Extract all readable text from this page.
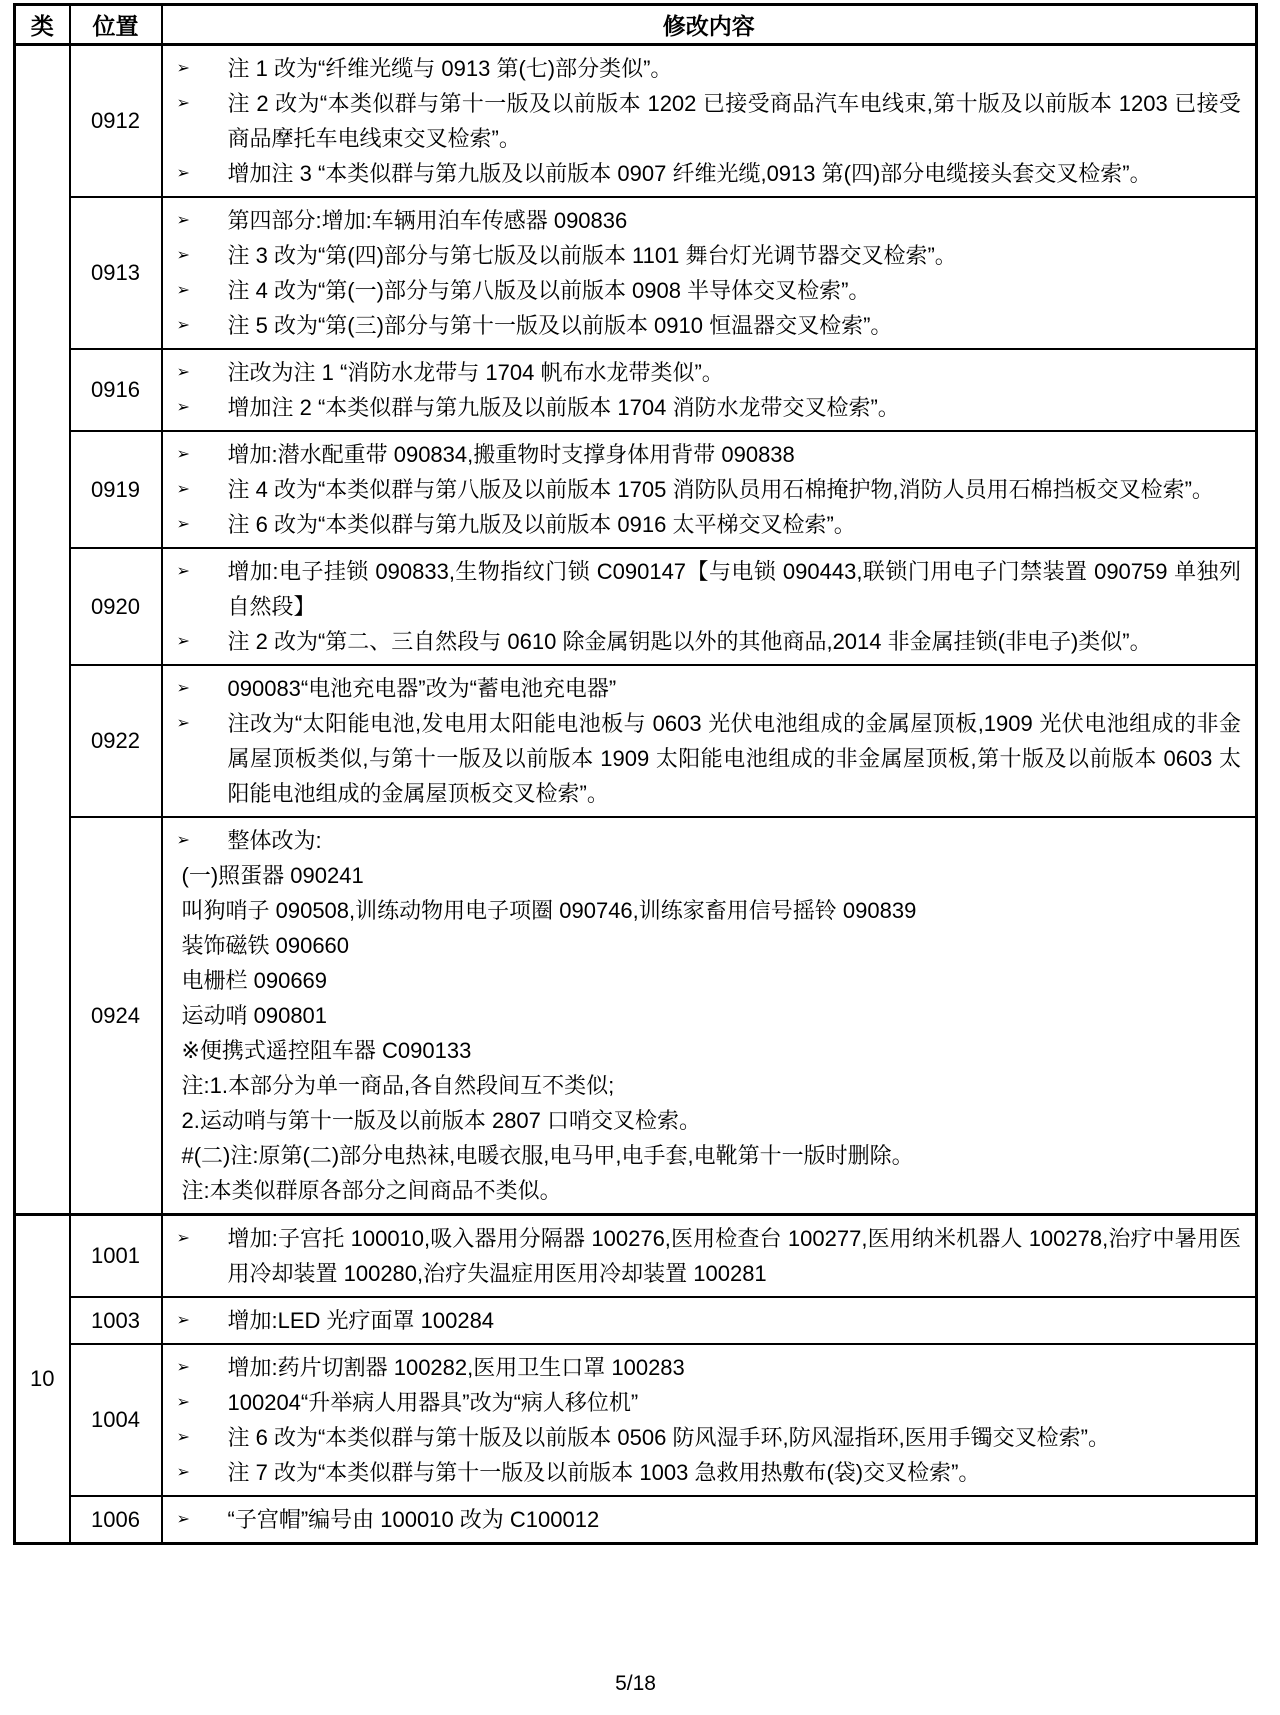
类	位置	修改内容
	0912	
➢	注 1 改为“纤维光缆与 0913 第(七)部分类似”。
➢	注 2 改为“本类似群与第十一版及以前版本 1202 已接受商品汽车电线束,第十版及以前版本 1203 已接受商品摩托车电线束交叉检索”。
➢	增加注 3 “本类似群与第九版及以前版本 0907 纤维光缆,0913 第(四)部分电缆接头套交叉检索”。

0913	
➢	第四部分:增加:车辆用泊车传感器 090836
➢	注 3 改为“第(四)部分与第七版及以前版本 1101 舞台灯光调节器交叉检索”。
➢	注 4 改为“第(一)部分与第八版及以前版本 0908 半导体交叉检索”。
➢	注 5 改为“第(三)部分与第十一版及以前版本 0910 恒温器交叉检索”。

	0916	➢ 注改为注 1 “消防水龙带与 1704 帆布水龙带类似”。
➢ 增加注 2 “本类似群与第九版及以前版本 1704 消防水龙带交叉检索”。

0919	
➢	增加:潜水配重带 090834,搬重物时支撑身体用背带 090838
➢	注 4 改为“本类似群与第八版及以前版本 1705 消防队员用石棉掩护物,消防人员用石棉挡板交叉检索”。
➢	注 6 改为“本类似群与第九版及以前版本 0916 太平梯交叉检索”。

	0920	➢ 增加:电子挂锁 090833,生物指纹门锁 C090147【与电锁 090443,联锁门用电子门禁装置 090759 单独列自然段】
➢ 注 2 改为“第二、三自然段与 0610 除金属钥匙以外的其他商品,2014 非金属挂锁(非电子)类似”。

	0922	➢ 090083“电池充电器”改为“蓄电池充电器”
➢ 注改为“太阳能电池,发电用太阳能电池板与 0603 光伏电池组成的金属屋顶板,1909 光伏电池组成的非金属屋顶板类似,与第十一版及以前版本 1909 太阳能电池组成的非金属屋顶板,第十版及以前版本 0603 太阳能电池组成的金属屋顶板交叉检索”。

0924	
➢	整体改为:
(一)照蛋器 090241
叫狗哨子 090508,训练动物用电子项圈 090746,训练家畜用信号摇铃 090839
装饰磁铁 090660
电栅栏 090669
运动哨 090801
※便携式遥控阻车器 C090133
注:1.本部分为单一商品,各自然段间互不类似;
2.运动哨与第十一版及以前版本 2807 口哨交叉检索。
#(二)注:原第(二)部分电热袜,电暖衣服,电马甲,电手套,电靴第十一版时删除。
注:本类似群原各部分之间商品不类似。

10	1001	➢ 增加:子宫托 100010,吸入器用分隔器 100276,医用检查台 100277,医用纳米机器人 100278,治疗中暑用医用冷却装置 100280,治疗失温症用医用冷却装置 100281

	1003	➢ 增加:LED 光疗面罩 100284

1004	
➢	增加:药片切割器 100282,医用卫生口罩 100283
➢	100204“升举病人用器具”改为“病人移位机”
➢	注 6 改为“本类似群与第十版及以前版本 0506 防风湿手环,防风湿指环,医用手镯交叉检索”。
➢	注 7 改为“本类似群与第十一版及以前版本 1003 急救用热敷布(袋)交叉检索”。

	1006	➢ “子宫帽”编号由 100010 改为 C100012
5/18
